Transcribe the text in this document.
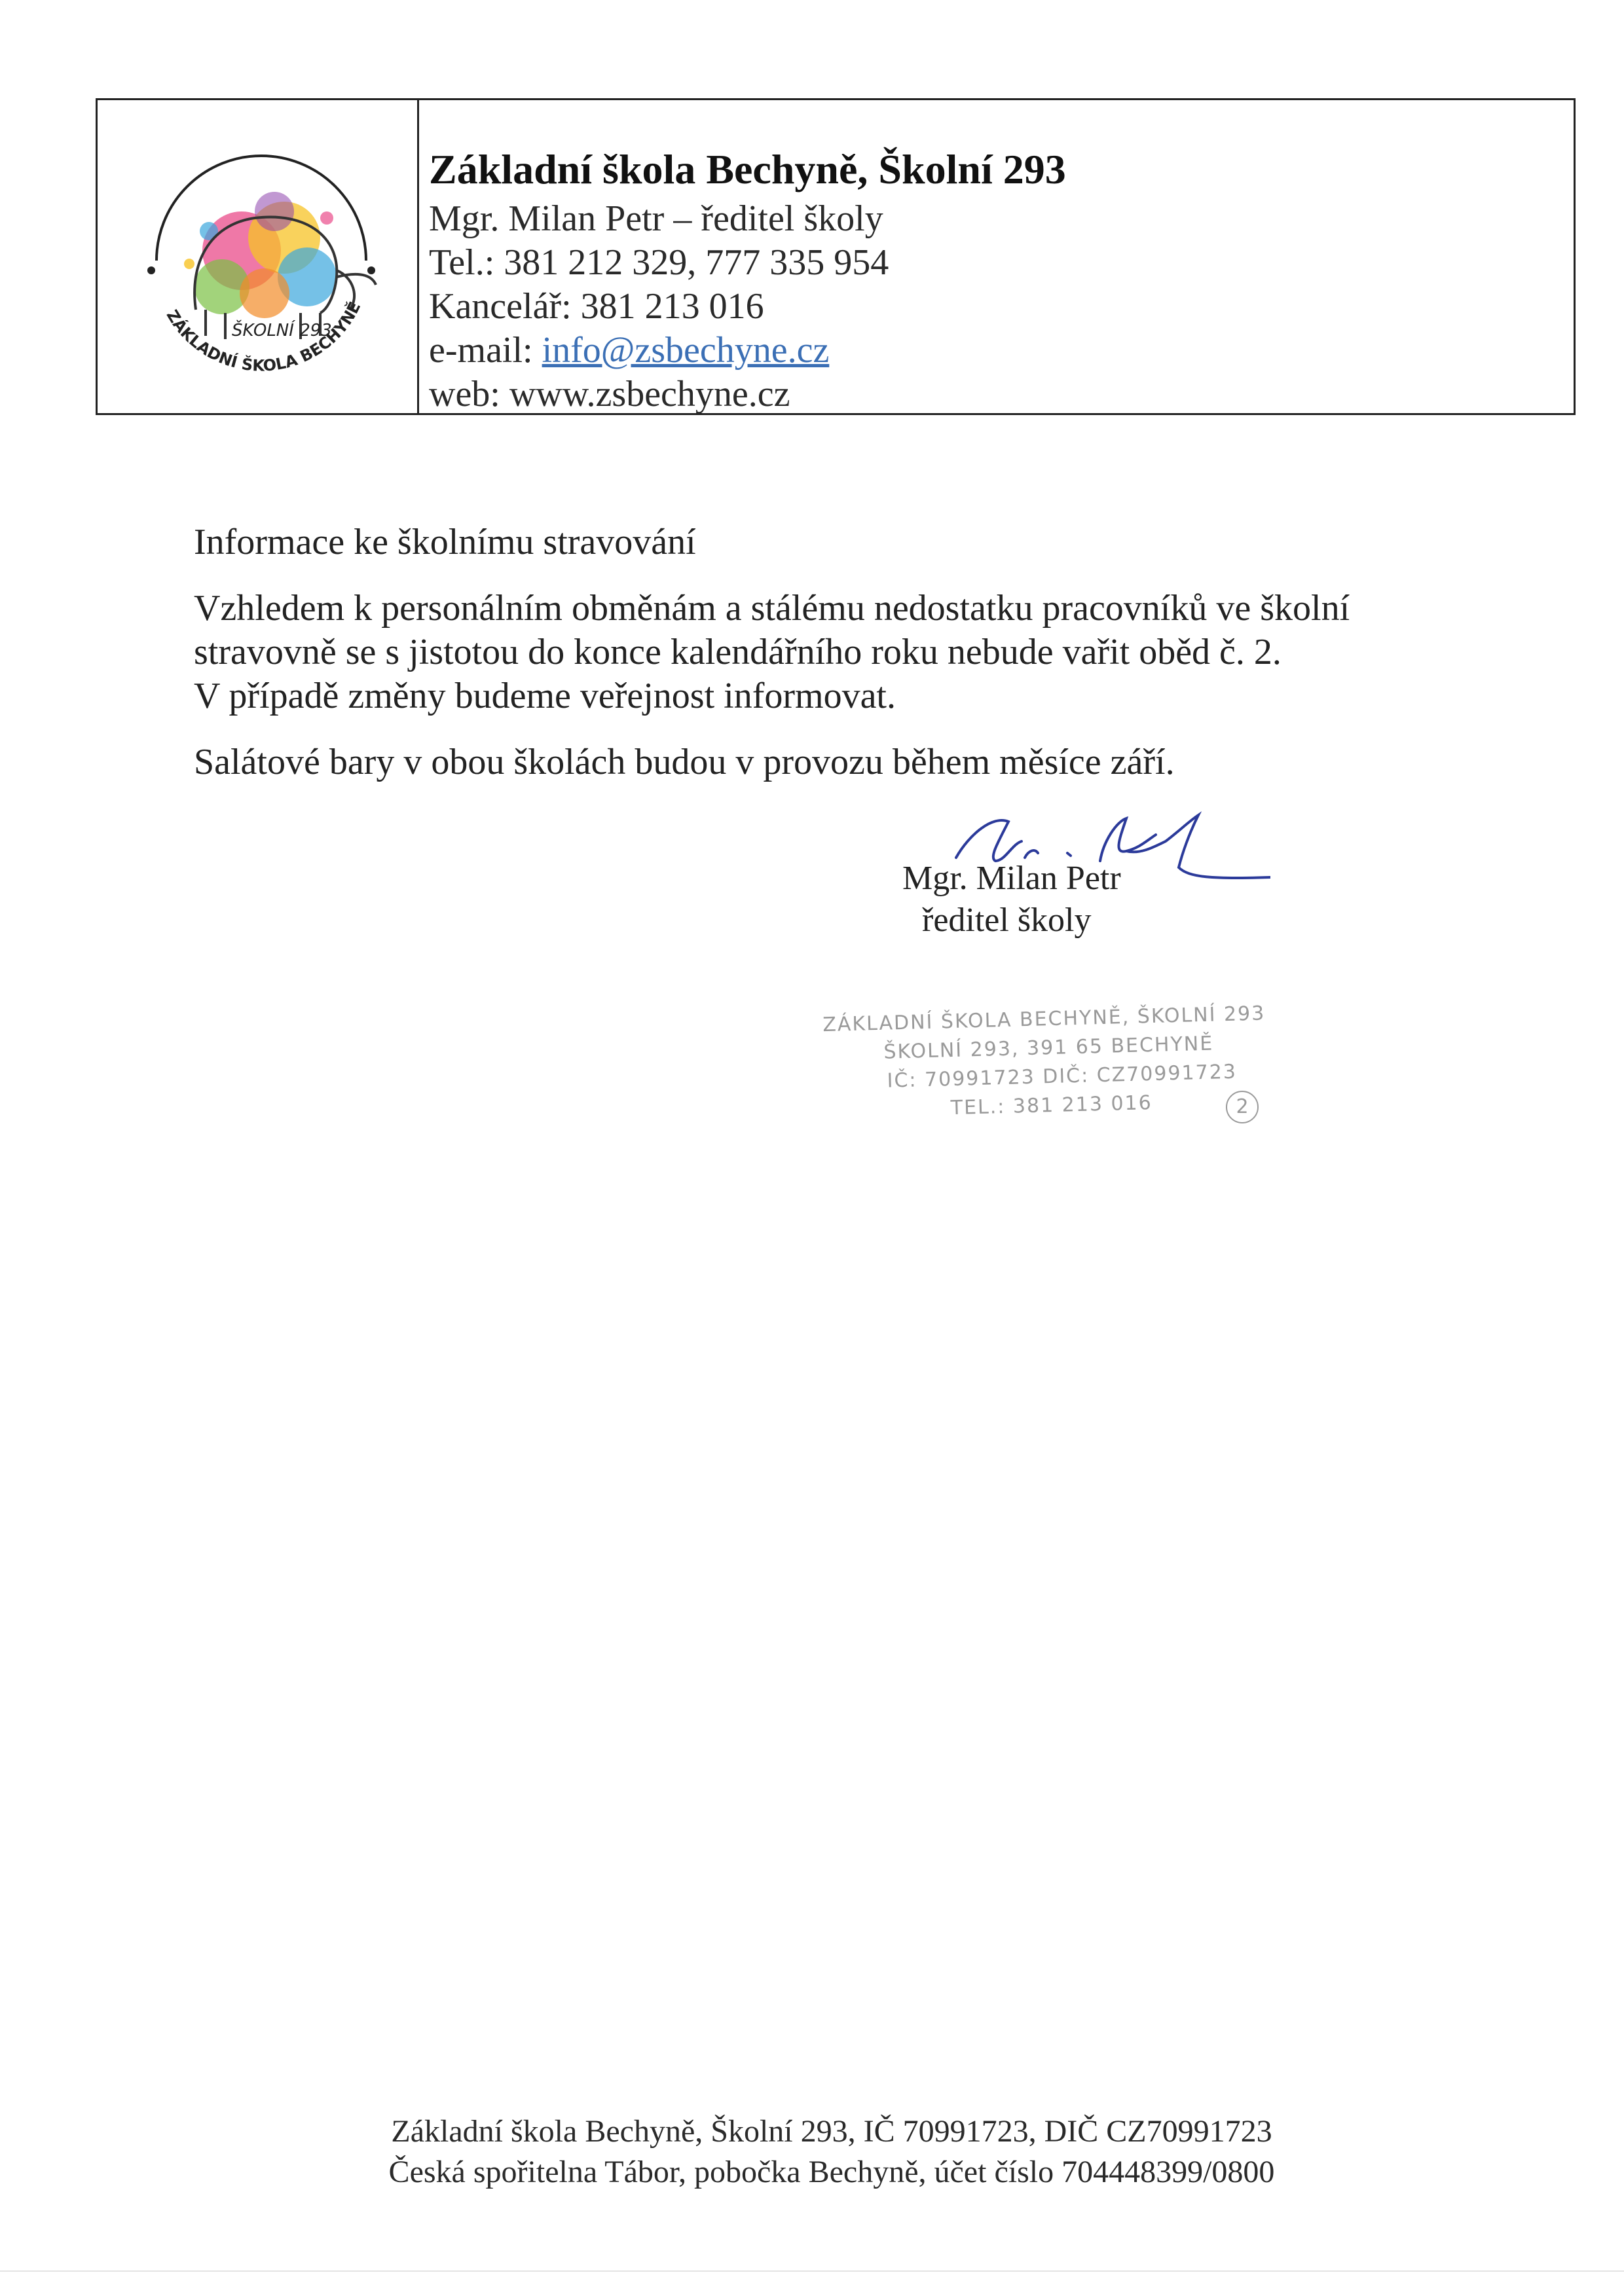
ŠKOLNÍ 293
ZÁKLADNÍ ŠKOLA BECHYNĚ
Základní škola Bechyně, Školní 293
Mgr. Milan Petr – ředitel školy
Tel.: 381 212 329, 777 335 954
Kancelář: 381 213 016
e-mail: info@zsbechyne.cz
web: www.zsbechyne.cz
Informace ke školnímu stravování
Vzhledem k personálním obměnám a stálému nedostatku pracovníků ve školní
stravovně se s jistotou do konce kalendářního roku nebude vařit oběd č. 2.
V případě změny budeme veřejnost informovat.
Salátové bary v obou školách budou v provozu během měsíce září.
Mgr. Milan Petr
ředitel školy
ZÁKLADNÍ ŠKOLA BECHYNĚ, ŠKOLNÍ 293
ŠKOLNÍ 293, 391 65 BECHYNĚ
IČ: 70991723 DIČ: CZ70991723
TEL.: 381 213 016	2
Základní škola Bechyně, Školní 293, IČ 70991723, DIČ CZ70991723
Česká spořitelna Tábor, pobočka Bechyně, účet číslo 704448399/0800
